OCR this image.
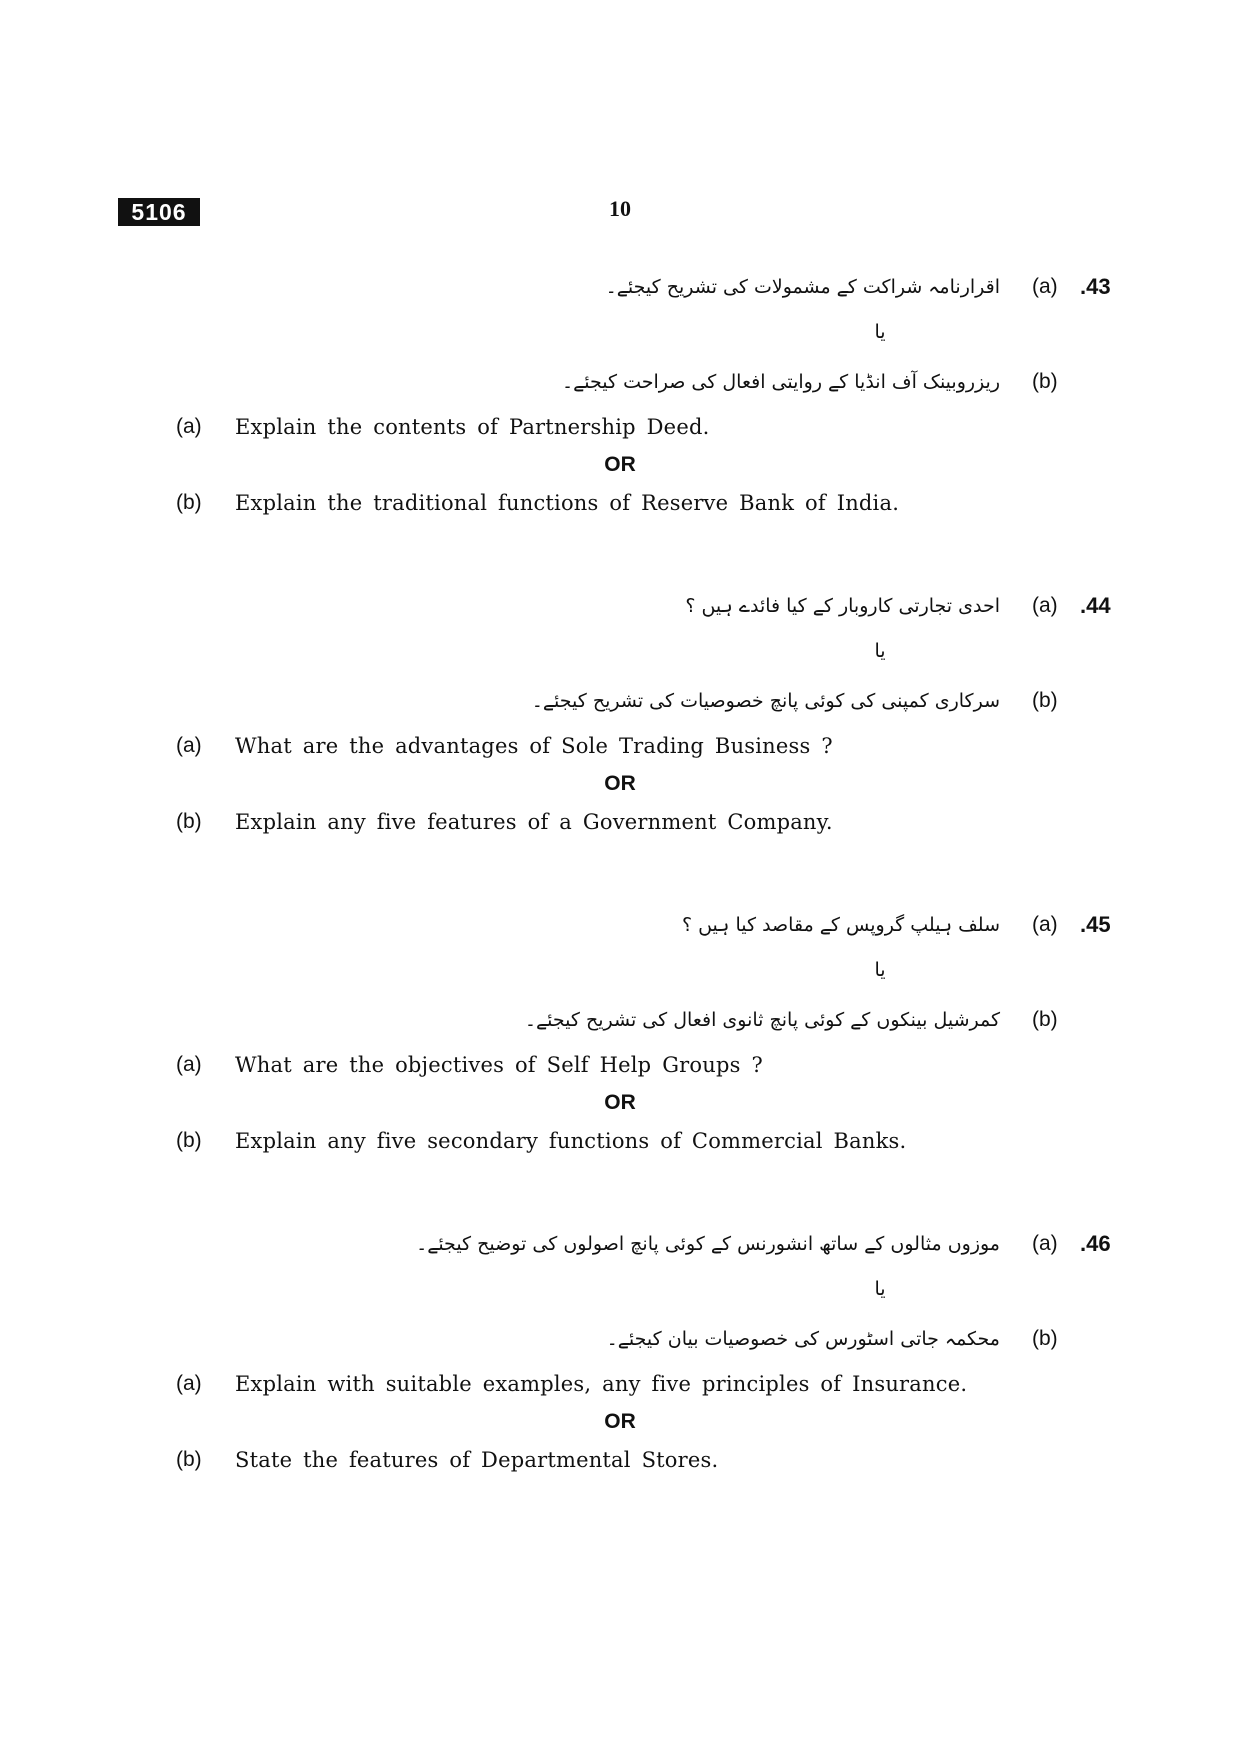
5106	10
.43
(a)
اقرارنامہ شراکت کے مشمولات کی تشریح کیجئے۔
یا
(b)
ریزروبینک آف انڈیا کے روایتی افعال کی صراحت کیجئے۔
(a)	Explain the contents of Partnership Deed.
OR
(b)	Explain the traditional functions of Reserve Bank of India.
.44
(a)
احدی تجارتی کاروبار کے کیا فائدے ہیں ؟
یا
(b)
سرکاری کمپنی کی کوئی پانچ خصوصیات کی تشریح کیجئے۔
(a)	What are the advantages of Sole Trading Business ?
OR
(b)	Explain any five features of a Government Company.
.45
(a)
سلف ہیلپ گروپس کے مقاصد کیا ہیں ؟
یا
(b)
کمرشیل بینکوں کے کوئی پانچ ثانوی افعال کی تشریح کیجئے۔
(a)	What are the objectives of Self Help Groups ?
OR
(b)	Explain any five secondary functions of Commercial Banks.
.46
(a)
موزوں مثالوں کے ساتھ انشورنس کے کوئی پانچ اصولوں کی توضیح کیجئے۔
یا
(b)
محکمہ جاتی اسٹورس کی خصوصیات بیان کیجئے۔
(a)	Explain with suitable examples, any five principles of Insurance.
OR
(b)	State the features of Departmental Stores.
